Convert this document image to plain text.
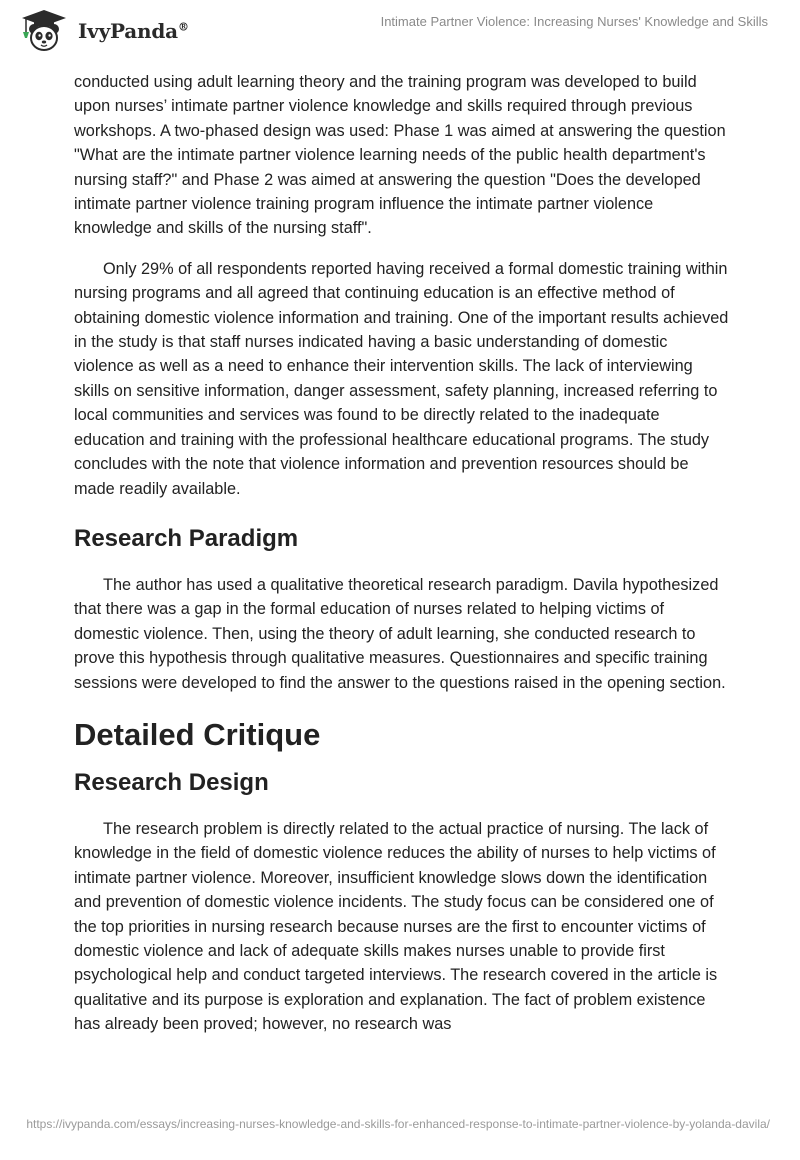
IvyPanda®	Intimate Partner Violence: Increasing Nurses' Knowledge and Skills

conducted using adult learning theory and the training program was developed to build upon nurses’ intimate partner violence knowledge and skills required through previous workshops. A two-phased design was used: Phase 1 was aimed at answering the question "What are the intimate partner violence learning needs of the public health department's nursing staff?" and Phase 2 was aimed at answering the question "Does the developed intimate partner violence training program influence the intimate partner violence knowledge and skills of the nursing staff".

Only 29% of all respondents reported having received a formal domestic training within nursing programs and all agreed that continuing education is an effective method of obtaining domestic violence information and training. One of the important results achieved in the study is that staff nurses indicated having a basic understanding of domestic violence as well as a need to enhance their intervention skills. The lack of interviewing skills on sensitive information, danger assessment, safety planning, increased referring to local communities and services was found to be directly related to the inadequate education and training with the professional healthcare educational programs. The study concludes with the note that violence information and prevention resources should be made readily available.

Research Paradigm

The author has used a qualitative theoretical research paradigm. Davila hypothesized that there was a gap in the formal education of nurses related to helping victims of domestic violence. Then, using the theory of adult learning, she conducted research to prove this hypothesis through qualitative measures. Questionnaires and specific training sessions were developed to find the answer to the questions raised in the opening section.

Detailed Critique
Research Design

The research problem is directly related to the actual practice of nursing. The lack of knowledge in the field of domestic violence reduces the ability of nurses to help victims of intimate partner violence. Moreover, insufficient knowledge slows down the identification and prevention of domestic violence incidents. The study focus can be considered one of the top priorities in nursing research because nurses are the first to encounter victims of domestic violence and lack of adequate skills makes nurses unable to provide first psychological help and conduct targeted interviews. The research covered in the article is qualitative and its purpose is exploration and explanation. The fact of problem existence has already been proved; however, no research was

https://ivypanda.com/essays/increasing-nurses-knowledge-and-skills-for-enhanced-response-to-intimate-partner-violence-by-yolanda-davila/
